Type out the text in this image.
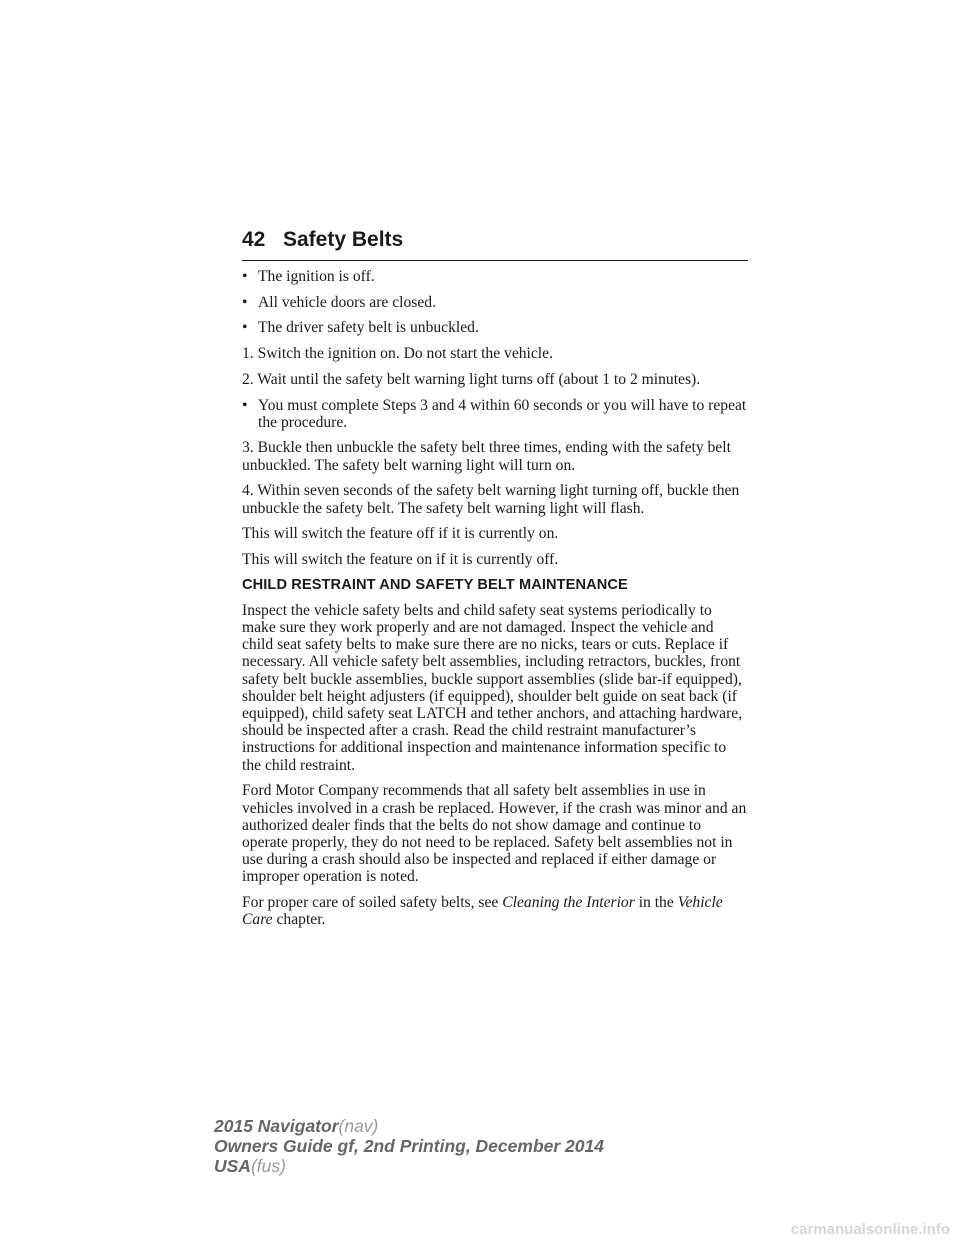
42 Safety Belts
• The ignition is off.
• All vehicle doors are closed.
• The driver safety belt is unbuckled.

1. Switch the ignition on. Do not start the vehicle.

2. Wait until the safety belt warning light turns off (about 1 to 2 minutes).

• You must complete Steps 3 and 4 within 60 seconds or you will have to repeat the procedure.

3. Buckle then unbuckle the safety belt three times, ending with the safety belt unbuckled. The safety belt warning light will turn on.

4. Within seven seconds of the safety belt warning light turning off, buckle then unbuckle the safety belt. The safety belt warning light will flash.

This will switch the feature off if it is currently on.

This will switch the feature on if it is currently off.

CHILD RESTRAINT AND SAFETY BELT MAINTENANCE

Inspect the vehicle safety belts and child safety seat systems periodically to make sure they work properly and are not damaged. Inspect the vehicle and child seat safety belts to make sure there are no nicks, tears or cuts. Replace if necessary. All vehicle safety belt assemblies, including retractors, buckles, front safety belt buckle assemblies, buckle support assemblies (slide bar-if equipped), shoulder belt height adjusters (if equipped), shoulder belt guide on seat back (if equipped), child safety seat LATCH and tether anchors, and attaching hardware, should be inspected after a crash. Read the child restraint manufacturer’s instructions for additional inspection and maintenance information specific to the child restraint.

Ford Motor Company recommends that all safety belt assemblies in use in vehicles involved in a crash be replaced. However, if the crash was minor and an authorized dealer finds that the belts do not show damage and continue to operate properly, they do not need to be replaced. Safety belt assemblies not in use during a crash should also be inspected and replaced if either damage or improper operation is noted.

For proper care of soiled safety belts, see Cleaning the Interior in the Vehicle Care chapter.

2015 Navigator(nav)
Owners Guide gf, 2nd Printing, December 2014
USA(fus)
carmanualsonline.info
